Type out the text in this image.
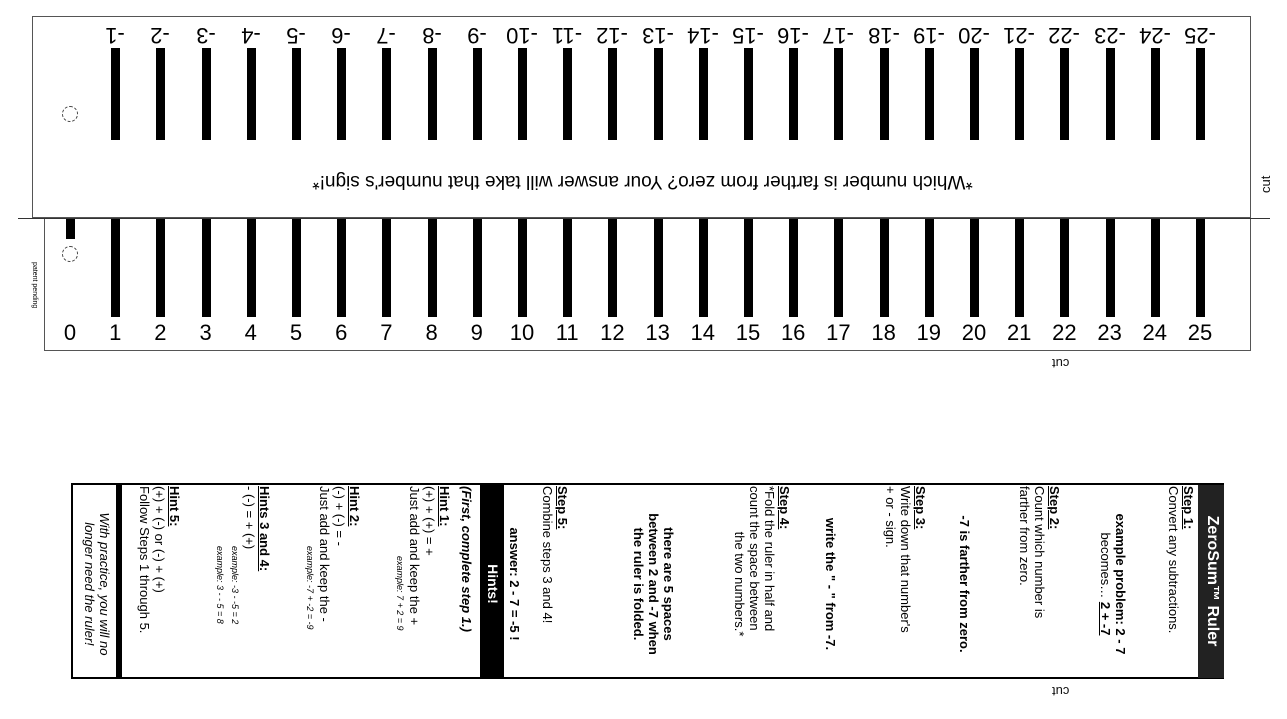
-1	-2	-3	-4	-5	-6	-7	-8	-9 -10 -11 -12 -13 -14 -15 -16 -17 -18 -19 -20 -21 -22 -23 -24 -25
0	1	2	3	4	5	6	7	8	9	10 11 12 13 14 15 16 17 18 19 20 21 22 23 24 25
*Which number is farther from zero? Your answer will take that number's sign!*
patent pending
cut
cut
ZeroSum™ Ruler
Step 1:
Convert any subtractions.

example problem: 2 - 7
becomes… 2 + -7
Step 2:
Count which number is
farther from zero.
-7 is farther from zero.
Step 3:
Write down that number's
+ or - sign.
write the " - " from -7.
Step 4:
*Fold the ruler in half and
count the space between
the two numbers.*
there are 5 spaces
between 2 and -7 when
the ruler is folded.
Step 5:
Combine steps 3 and 4!
answer: 2 - 7 = -5 !
Hints!
(First, complete step 1.)
Hint 1:
(+) + (+) = +
Just add and keep the +
example: 7 + 2 = 9
Hint 2:
(-) + (-) = -
Just add and keep the -
example: -7 + -2 = -9
Hints 3 and 4:
- (-) = + (+)
example: -3 - -5 = 2
example: 3 - - 5 = 8
Hint 5:
(+) + (-) or (-) + (+)
Follow Steps 1 through 5.
With practice, you will no
longer need the ruler!
cut
